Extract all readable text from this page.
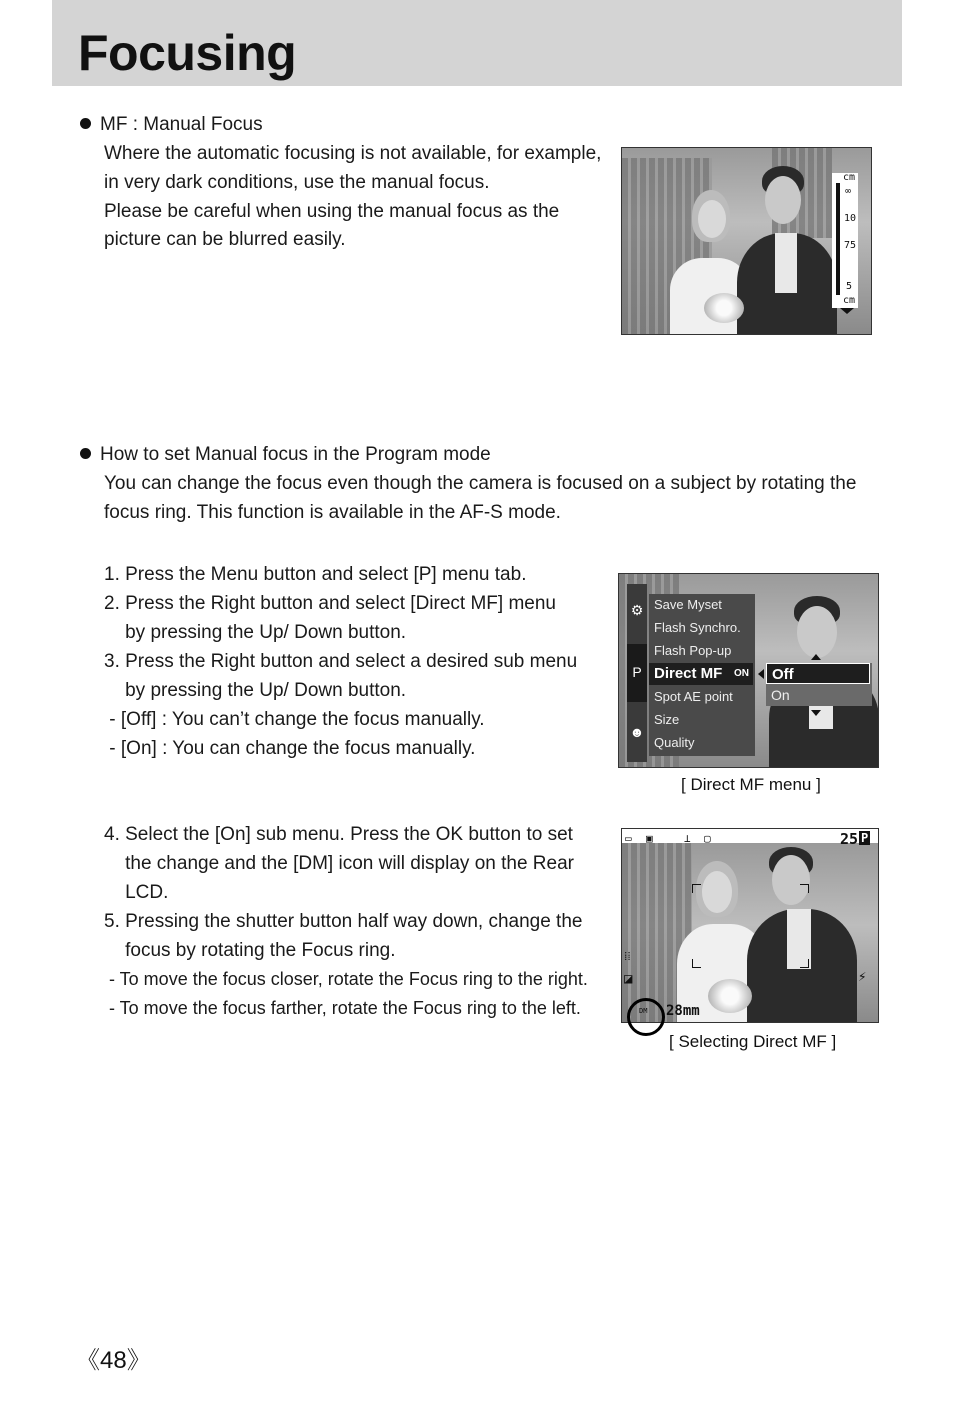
Focusing
MF : Manual Focus
Where the automatic focusing is not available, for example,
in very dark conditions, use the manual focus.
Please be careful when using the manual focus as the
picture can be blurred easily.
cm
∞
10
75
5
cm
How to set Manual focus in the Program mode
You can change the focus even though the camera is focused on a subject by rotating the
focus ring. This function is available in the AF-S mode.
1. Press the Menu button and select [P] menu tab.
2. Press the Right button and select [Direct MF] menu
by pressing the Up/ Down button.
3. Press the Right button and select a desired sub menu
by pressing the Up/ Down button.
- [Off] : You can’t change the focus manually.
- [On] : You can change the focus manually.
⚙
P
☻
Save Myset
Flash Synchro.
Flash Pop-up
Direct MF ON
Spot AE point
Size
Quality
Off
On
[ Direct MF menu ]
4. Select the [On] sub menu. Press the OK button to set
the change and the [DM] icon will display on the Rear
LCD.
5. Pressing the shutter button half way down, change the
focus by rotating the Focus ring.
- To move the focus closer, rotate the Focus ring to the right.
- To move the focus farther, rotate the Focus ring to the left.
▭ ▣	⊥ ▢	25 P
⁞⁞
◪	⚡
DM 28mm
[ Selecting Direct MF ]
《48》
